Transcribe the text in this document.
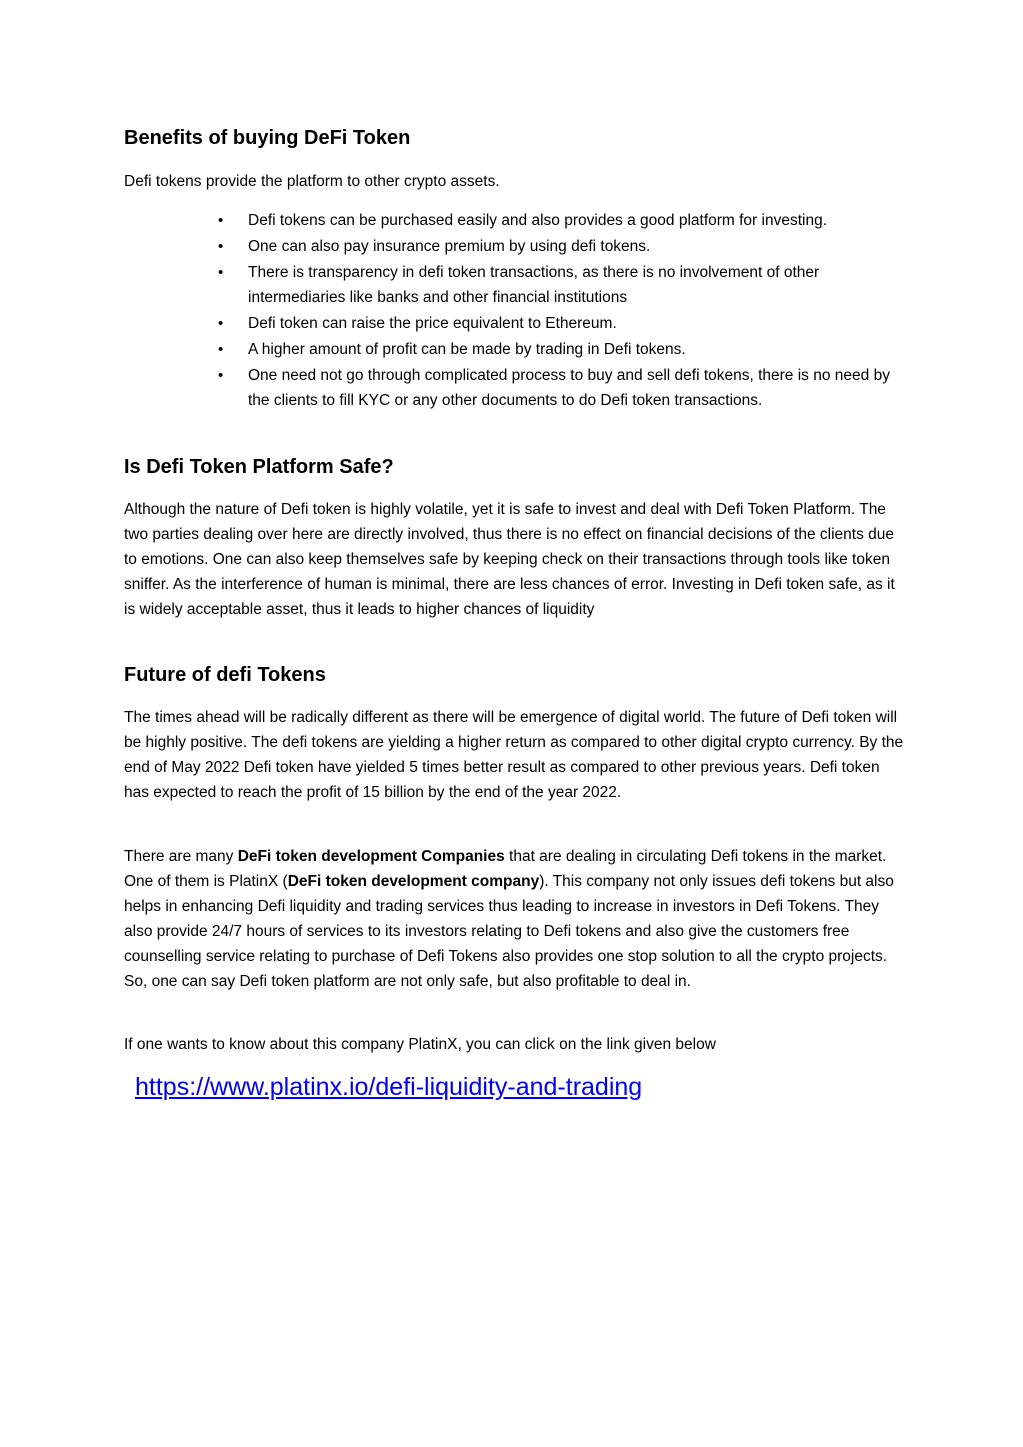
Benefits of buying DeFi Token

Defi tokens provide the platform to other crypto assets.

•	Defi tokens can be purchased easily and also provides a good platform for investing.
•	One can also pay insurance premium by using defi tokens.
•	There is transparency in defi token transactions, as there is no involvement of other intermediaries like banks and other financial institutions
•	Defi token can raise the price equivalent to Ethereum.
•	A higher amount of profit can be made by trading in Defi tokens.
•	One need not go through complicated process to buy and sell defi tokens, there is no need by the clients to fill KYC or any other documents to do Defi token transactions.
Is Defi Token Platform Safe?

Although the nature of Defi token is highly volatile, yet it is safe to invest and deal with Defi Token Platform. The two parties dealing over here are directly involved, thus there is no effect on financial decisions of the clients due to emotions. One can also keep themselves safe by keeping check on their transactions through tools like token sniffer. As the interference of human is minimal, there are less chances of error. Investing in Defi token safe, as it is widely acceptable asset, thus it leads to higher chances of liquidity

Future of defi Tokens

The times ahead will be radically different as there will be emergence of digital world. The future of Defi token will be highly positive. The defi tokens are yielding a higher return as compared to other digital crypto currency. By the end of May 2022 Defi token have yielded 5 times better result as compared to other previous years. Defi token has expected to reach the profit of 15 billion by the end of the year 2022.

There are many DeFi token development Companies that are dealing in circulating Defi tokens in the market. One of them is PlatinX (DeFi token development company). This company not only issues defi tokens but also helps in enhancing Defi liquidity and trading services thus leading to increase in investors in Defi Tokens. They also provide 24/7 hours of services to its investors relating to Defi tokens and also give the customers free counselling service relating to purchase of Defi Tokens also provides one stop solution to all the crypto projects. So, one can say Defi token platform are not only safe, but also profitable to deal in.

If one wants to know about this company PlatinX, you can click on the link given below

https://www.platinx.io/defi-liquidity-and-trading
